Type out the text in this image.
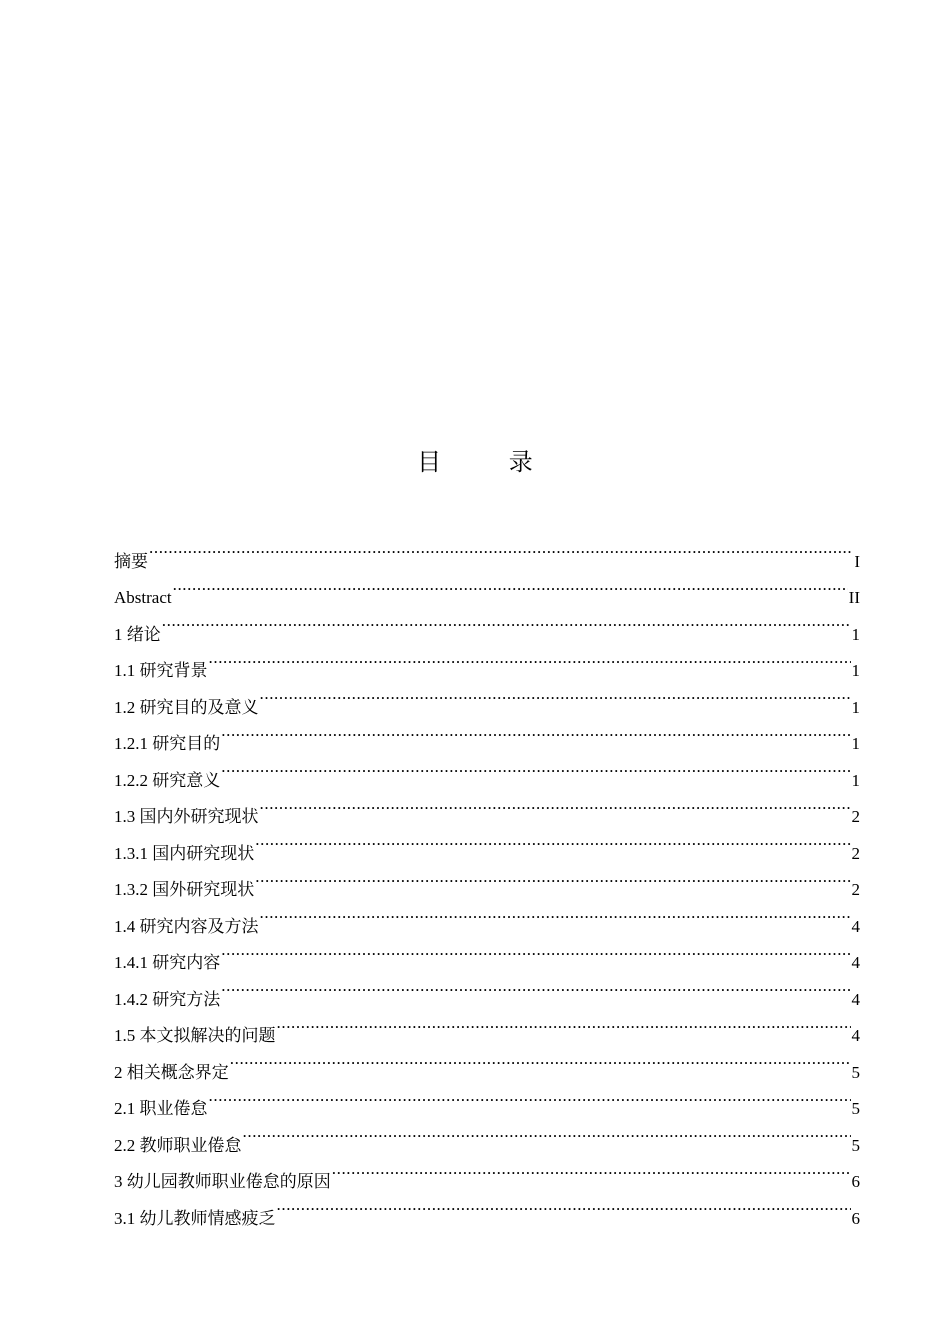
目 录
摘要 .....	I
Abstract .....	II
1 绪论 .....	1
1.1 研究背景 .....	1
1.2 研究目的及意义 .....	1
1.2.1 研究目的 .....	1
1.2.2 研究意义 .....	1
1.3 国内外研究现状 .....	2
1.3.1 国内研究现状 .....	2
1.3.2 国外研究现状 .....	2
1.4 研究内容及方法 .....	4
1.4.1 研究内容 .....	4
1.4.2 研究方法 .....	4
1.5 本文拟解决的问题 .....	4
2 相关概念界定 .....	5
2.1 职业倦怠 .....	5
2.2 教师职业倦怠 .....	5
3 幼儿园教师职业倦怠的原因 .....	6
3.1 幼儿教师情感疲乏 .....	6
